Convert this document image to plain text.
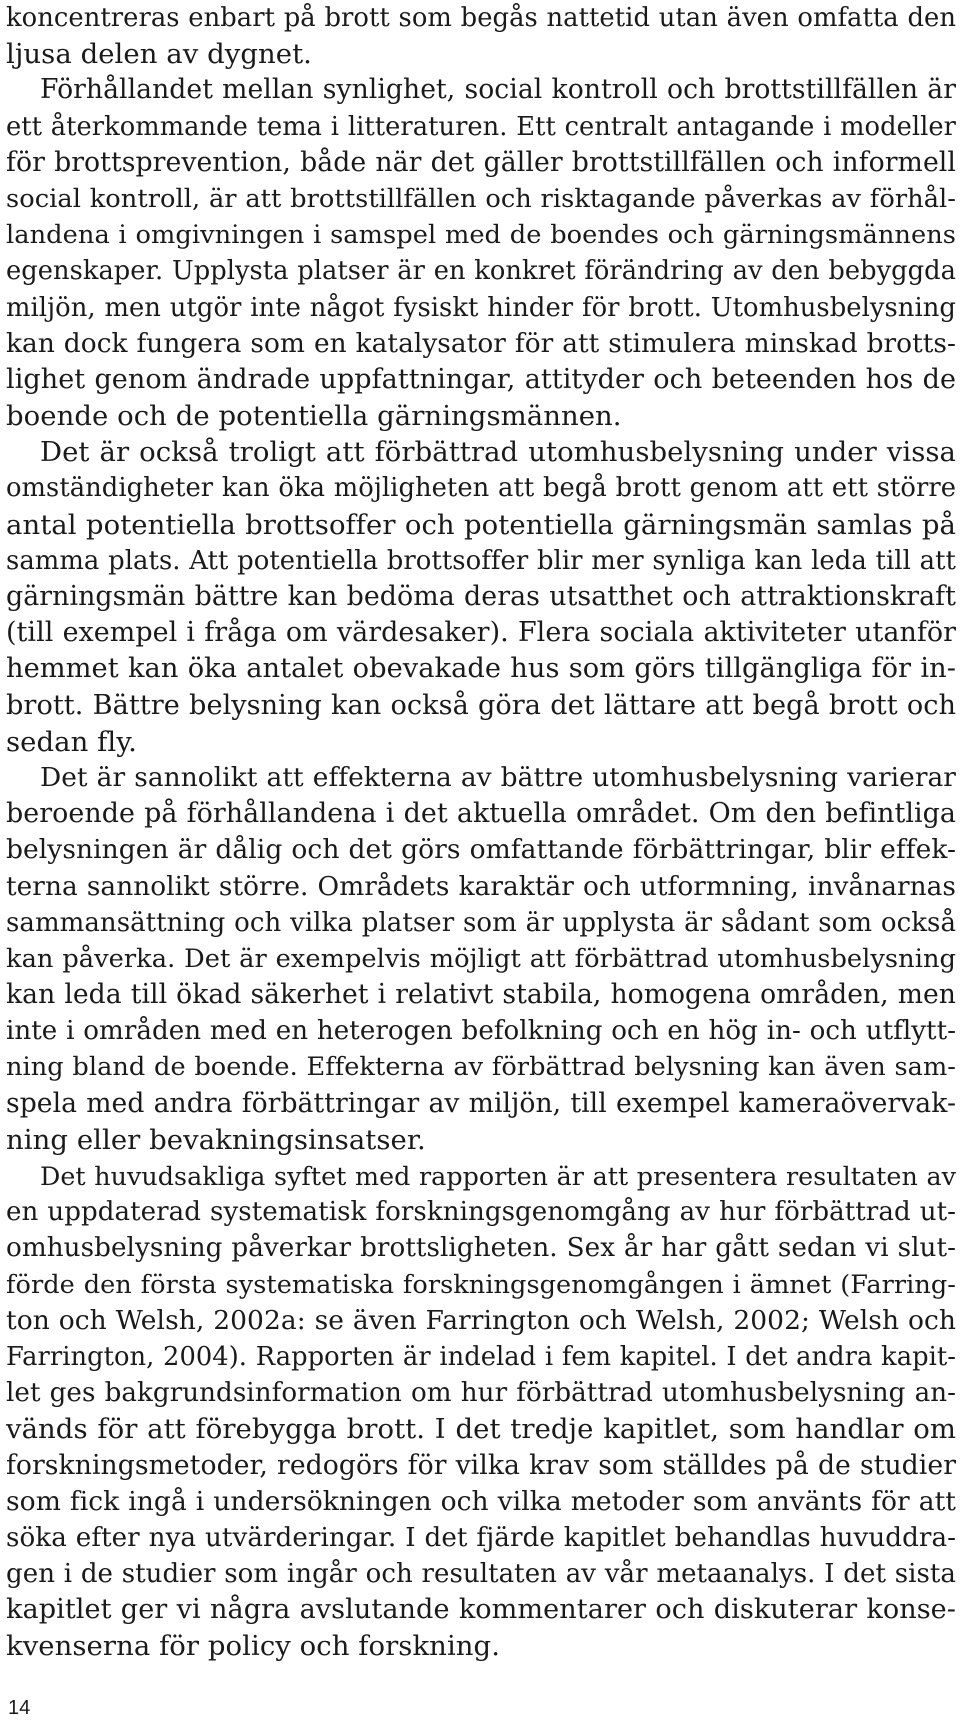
koncentreras enbart på brott som begås nattetid utan även omfatta den
ljusa delen av dygnet.
Förhållandet mellan synlighet, social kontroll och brottstillfällen är
ett återkommande tema i litteraturen. Ett centralt antagande i modeller
för brottsprevention, både när det gäller brottstillfällen och informell
social kontroll, är att brottstillfällen och risktagande påverkas av förhål-
landena i omgivningen i samspel med de boendes och gärningsmännens
egenskaper. Upplysta platser är en konkret förändring av den bebyggda
miljön, men utgör inte något fysiskt hinder för brott. Utomhusbelysning
kan dock fungera som en katalysator för att stimulera minskad brotts-
lighet genom ändrade uppfattningar, attityder och beteenden hos de
boende och de potentiella gärningsmännen.
Det är också troligt att förbättrad utomhusbelysning under vissa
omständigheter kan öka möjligheten att begå brott genom att ett större
antal potentiella brottsoffer och potentiella gärningsmän samlas på
samma plats. Att potentiella brottsoffer blir mer synliga kan leda till att
gärningsmän bättre kan bedöma deras utsatthet och attraktionskraft
(till exempel i fråga om värdesaker). Flera sociala aktiviteter utanför
hemmet kan öka antalet obevakade hus som görs tillgängliga för in-
brott. Bättre belysning kan också göra det lättare att begå brott och
sedan fly.
Det är sannolikt att effekterna av bättre utomhusbelysning varierar
beroende på förhållandena i det aktuella området. Om den befintliga
belysningen är dålig och det görs omfattande förbättringar, blir effek-
terna sannolikt större. Områdets karaktär och utformning, invånarnas
sammansättning och vilka platser som är upplysta är sådant som också
kan påverka. Det är exempelvis möjligt att förbättrad utomhusbelysning
kan leda till ökad säkerhet i relativt stabila, homogena områden, men
inte i områden med en heterogen befolkning och en hög in- och utflytt-
ning bland de boende. Effekterna av förbättrad belysning kan även sam-
spela med andra förbättringar av miljön, till exempel kameraövervak-
ning eller bevakningsinsatser.
Det huvudsakliga syftet med rapporten är att presentera resultaten av
en uppdaterad systematisk forskningsgenomgång av hur förbättrad ut-
omhusbelysning påverkar brottsligheten. Sex år har gått sedan vi slut-
förde den första systematiska forskningsgenomgången i ämnet (Farring-
ton och Welsh, 2002a: se även Farrington och Welsh, 2002; Welsh och
Farrington, 2004). Rapporten är indelad i fem kapitel. I det andra kapit-
let ges bakgrundsinformation om hur förbättrad utomhusbelysning an-
vänds för att förebygga brott. I det tredje kapitlet, som handlar om
forskningsmetoder, redogörs för vilka krav som ställdes på de studier
som fick ingå i undersökningen och vilka metoder som använts för att
söka efter nya utvärderingar. I det fjärde kapitlet behandlas huvuddra-
gen i de studier som ingår och resultaten av vår metaanalys. I det sista
kapitlet ger vi några avslutande kommentarer och diskuterar konse-
kvenserna för policy och forskning.
14
